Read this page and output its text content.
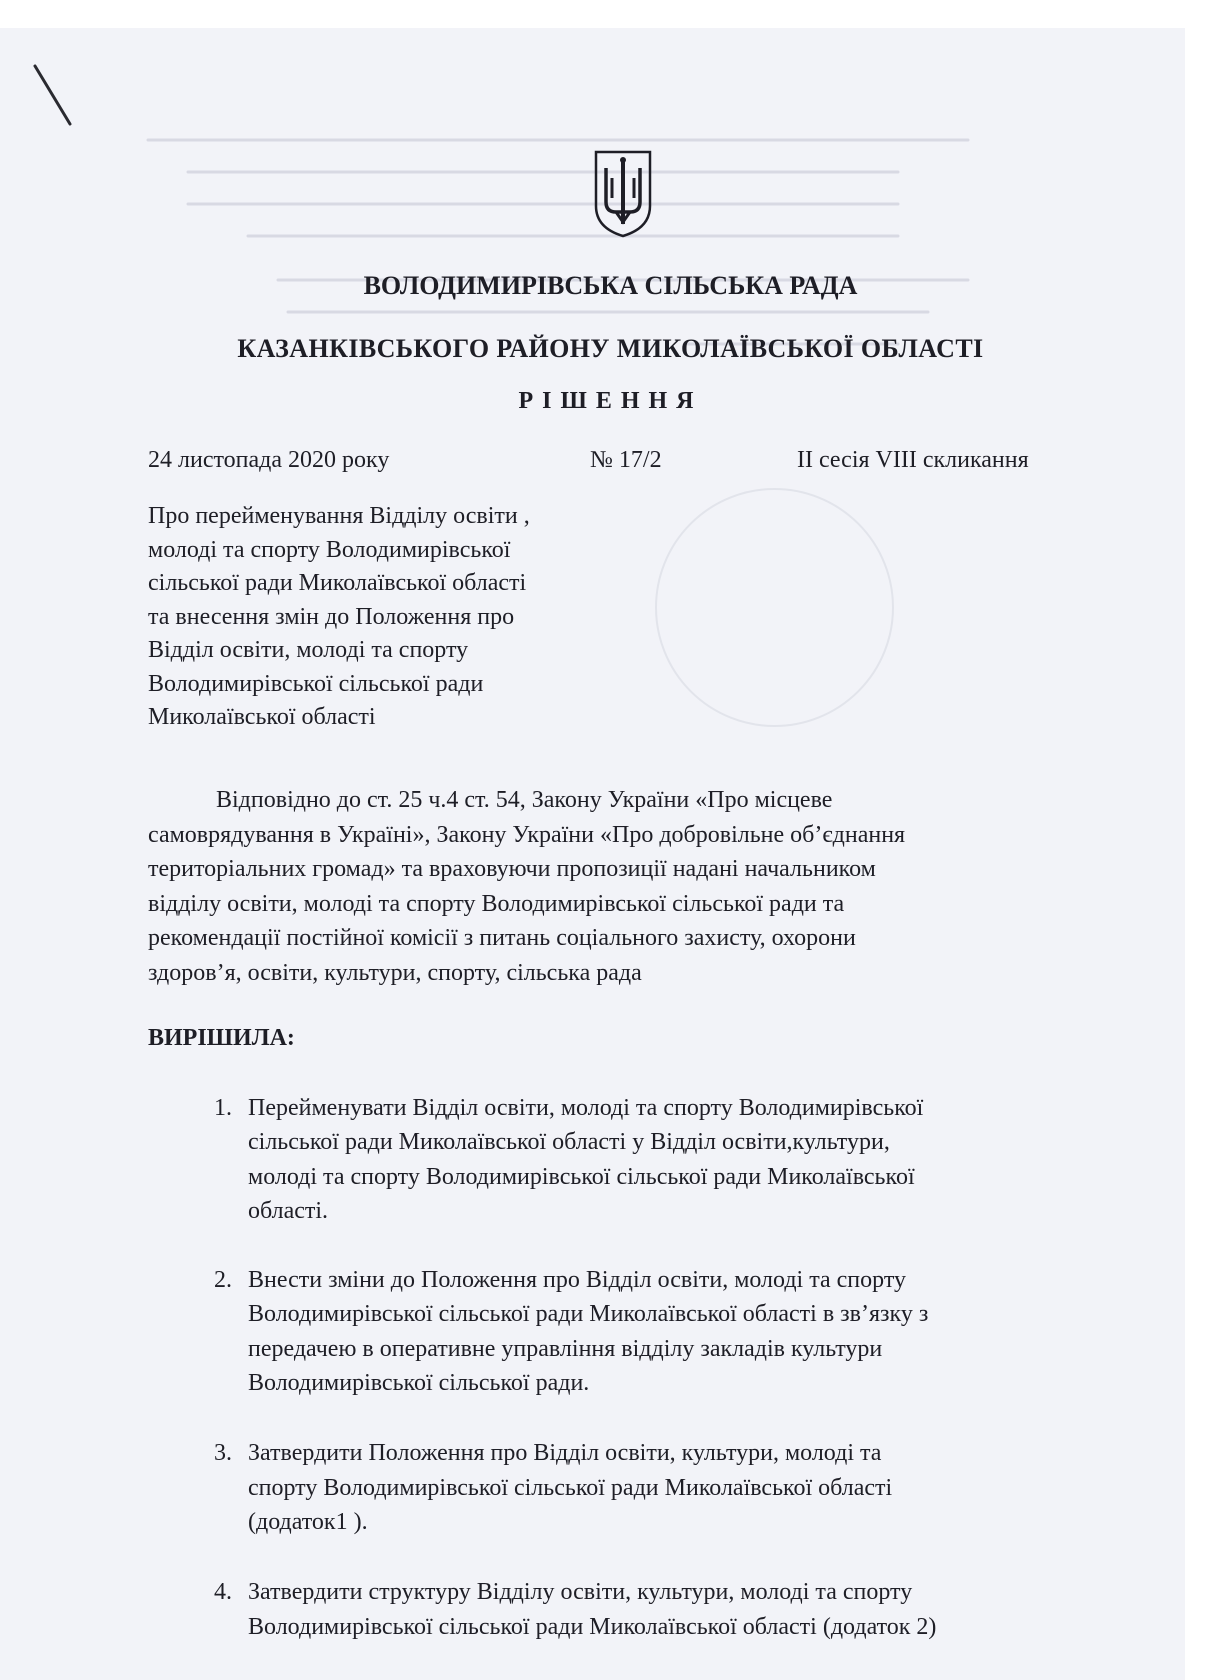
ВОЛОДИМИРІВСЬКА СІЛЬСЬКА РАДА
КАЗАНКІВСЬКОГО РАЙОНУ МИКОЛАЇВСЬКОЇ ОБЛАСТІ
РІШЕННЯ
24 листопада 2020 року	№ 17/2	ІІ сесія VIII скликання
Про перейменування Відділу освіти ,
молоді та спорту Володимирівської
сільської ради Миколаївської області
та внесення змін до Положення про
Відділ освіти, молоді та спорту
Володимирівської сільської ради
Миколаївської області
Відповідно до ст. 25 ч.4 ст. 54, Закону України «Про місцеве
самоврядування в Україні», Закону України «Про добровільне об’єднання
територіальних громад» та враховуючи пропозиції надані начальником
відділу освіти, молоді та спорту Володимирівської сільської ради та
рекомендації постійної комісії з питань соціального захисту, охорони
здоров’я, освіти, культури, спорту, сільська рада
ВИРІШИЛА:
1. Перейменувати Відділ освіти, молоді та спорту Володимирівської
сільської ради Миколаївської області у Відділ освіти,культури,
молоді та спорту Володимирівської сільської ради Миколаївської
області.
2. Внести зміни до Положення про Відділ освіти, молоді та спорту
Володимирівської сільської ради Миколаївської області в зв’язку з
передачею в оперативне управління відділу закладів культури
Володимирівської сільської ради.
3. Затвердити Положення про Відділ освіти, культури, молоді та
спорту Володимирівської сільської ради Миколаївської області
(додаток1 ).
4. Затвердити структуру Відділу освіти, культури, молоді та спорту
Володимирівської сільської ради Миколаївської області (додаток 2)
